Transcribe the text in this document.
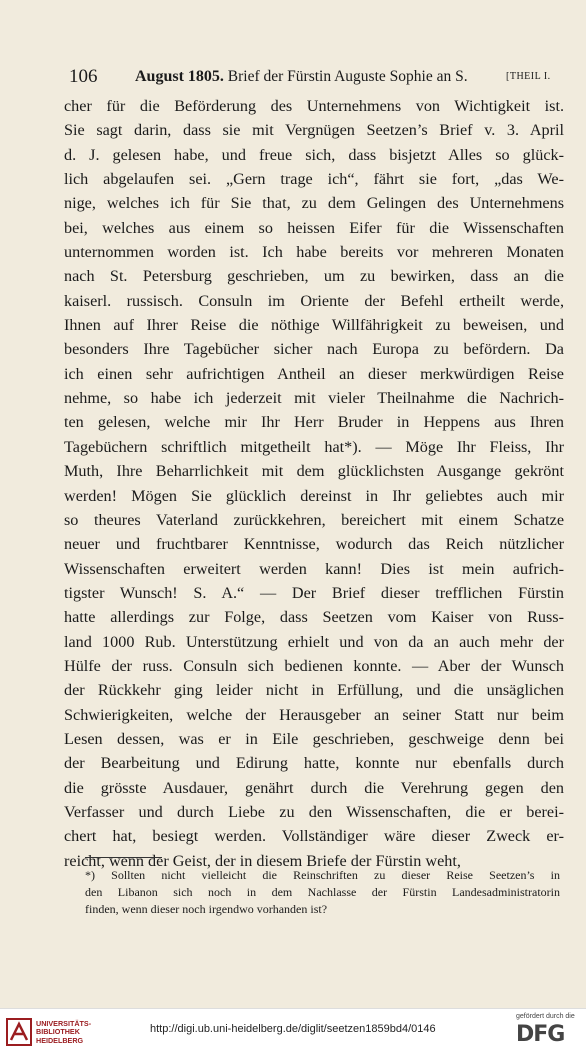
106 August 1805. Brief der Fürstin Auguste Sophie an S.	[THEIL I.
cher für die Beförderung des Unternehmens von Wichtigkeit ist.
Sie sagt darin, dass sie mit Vergnügen Seetzen’s Brief v. 3. April
d. J. gelesen habe, und freue sich, dass bisjetzt Alles so glück-
lich abgelaufen sei. „Gern trage ich“, fährt sie fort, „das We-
nige, welches ich für Sie that, zu dem Gelingen des Unternehmens
bei, welches aus einem so heissen Eifer für die Wissenschaften
unternommen worden ist. Ich habe bereits vor mehreren Monaten
nach St. Petersburg geschrieben, um zu bewirken, dass an die
kaiserl. russisch. Consuln im Oriente der Befehl ertheilt werde,
Ihnen auf Ihrer Reise die nöthige Willfährigkeit zu beweisen, und
besonders Ihre Tagebücher sicher nach Europa zu befördern. Da
ich einen sehr aufrichtigen Antheil an dieser merkwürdigen Reise
nehme, so habe ich jederzeit mit vieler Theilnahme die Nachrich-
ten gelesen, welche mir Ihr Herr Bruder in Heppens aus Ihren
Tagebüchern schriftlich mitgetheilt hat*). — Möge Ihr Fleiss, Ihr
Muth, Ihre Beharrlichkeit mit dem glücklichsten Ausgange gekrönt
werden! Mögen Sie glücklich dereinst in Ihr geliebtes auch mir
so theures Vaterland zurückkehren, bereichert mit einem Schatze
neuer und fruchtbarer Kenntnisse, wodurch das Reich nützlicher
Wissenschaften erweitert werden kann! Dies ist mein aufrich-
tigster Wunsch! S. A.“ — Der Brief dieser trefflichen Fürstin
hatte allerdings zur Folge, dass Seetzen vom Kaiser von Russ-
land 1000 Rub. Unterstützung erhielt und von da an auch mehr der
Hülfe der russ. Consuln sich bedienen konnte. — Aber der Wunsch
der Rückkehr ging leider nicht in Erfüllung, und die unsäglichen
Schwierigkeiten, welche der Herausgeber an seiner Statt nur beim
Lesen dessen, was er in Eile geschrieben, geschweige denn bei
der Bearbeitung und Edirung hatte, konnte nur ebenfalls durch
die grösste Ausdauer, genährt durch die Verehrung gegen den
Verfasser und durch Liebe zu den Wissenschaften, die er berei-
chert hat, besiegt werden. Vollständiger wäre dieser Zweck er-
reicht, wenn der Geist, der in diesem Briefe der Fürstin weht,
*) Sollten nicht vielleicht die Reinschriften zu dieser Reise Seetzen’s in
den Libanon sich noch in dem Nachlasse der Fürstin Landesadministratorin
finden, wenn dieser noch irgendwo vorhanden ist?
UNIVERSITÄTS-
BIBLIOTHEK
HEIDELBERG
http://digi.ub.uni-heidelberg.de/diglit/seetzen1859bd4/0146
gefördert durch die
DFG
